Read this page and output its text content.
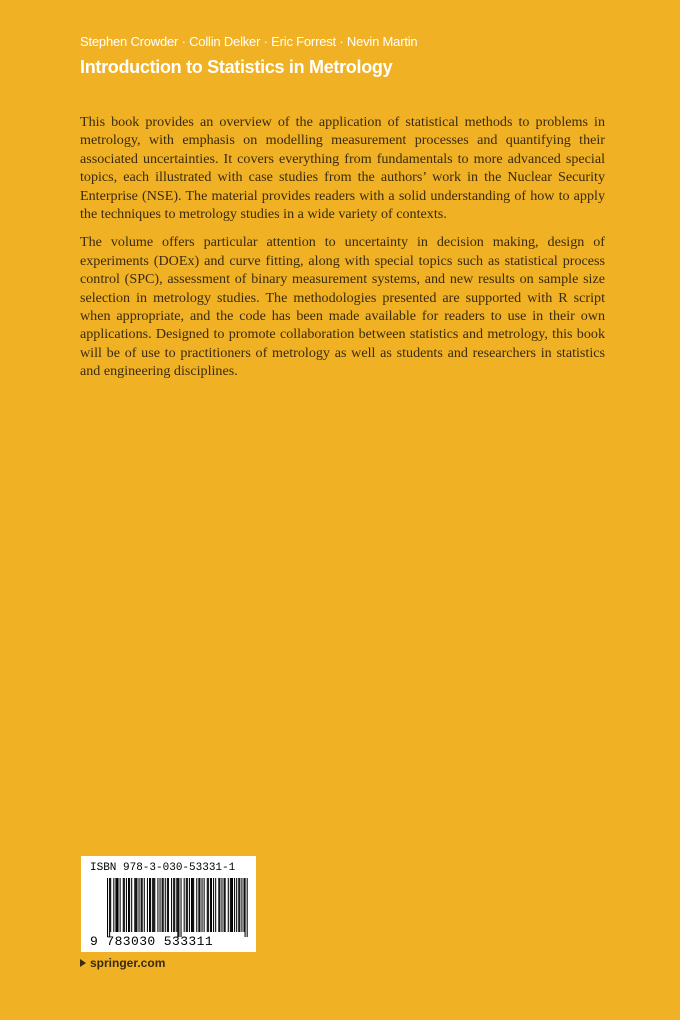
Stephen Crowder · Collin Delker · Eric Forrest · Nevin Martin
Introduction to Statistics in Metrology

This book provides an overview of the application of statistical methods to problems in metrology, with emphasis on modelling measurement processes and quantifying their associated uncertainties. It covers everything from fundamentals to more advanced special topics, each illustrated with case studies from the authors’ work in the Nuclear Security Enterprise (NSE). The material provides readers with a solid understanding of how to apply the techniques to metrology studies in a wide variety of contexts.

The volume offers particular attention to uncertainty in decision making, design of experiments (DOEx) and curve fitting, along with special topics such as statistical process control (SPC), assessment of binary measurement systems, and new results on sample size selection in metrology studies. The methodologies presented are supported with R script when appropriate, and the code has been made available for readers to use in their own applications. Designed to promote collaboration between statistics and metrology, this book will be of use to practitioners of metrology as well as students and researchers in statistics and engineering disciplines.

ISBN 978-3-030-53331-1
9 783030 533311
springer.com
